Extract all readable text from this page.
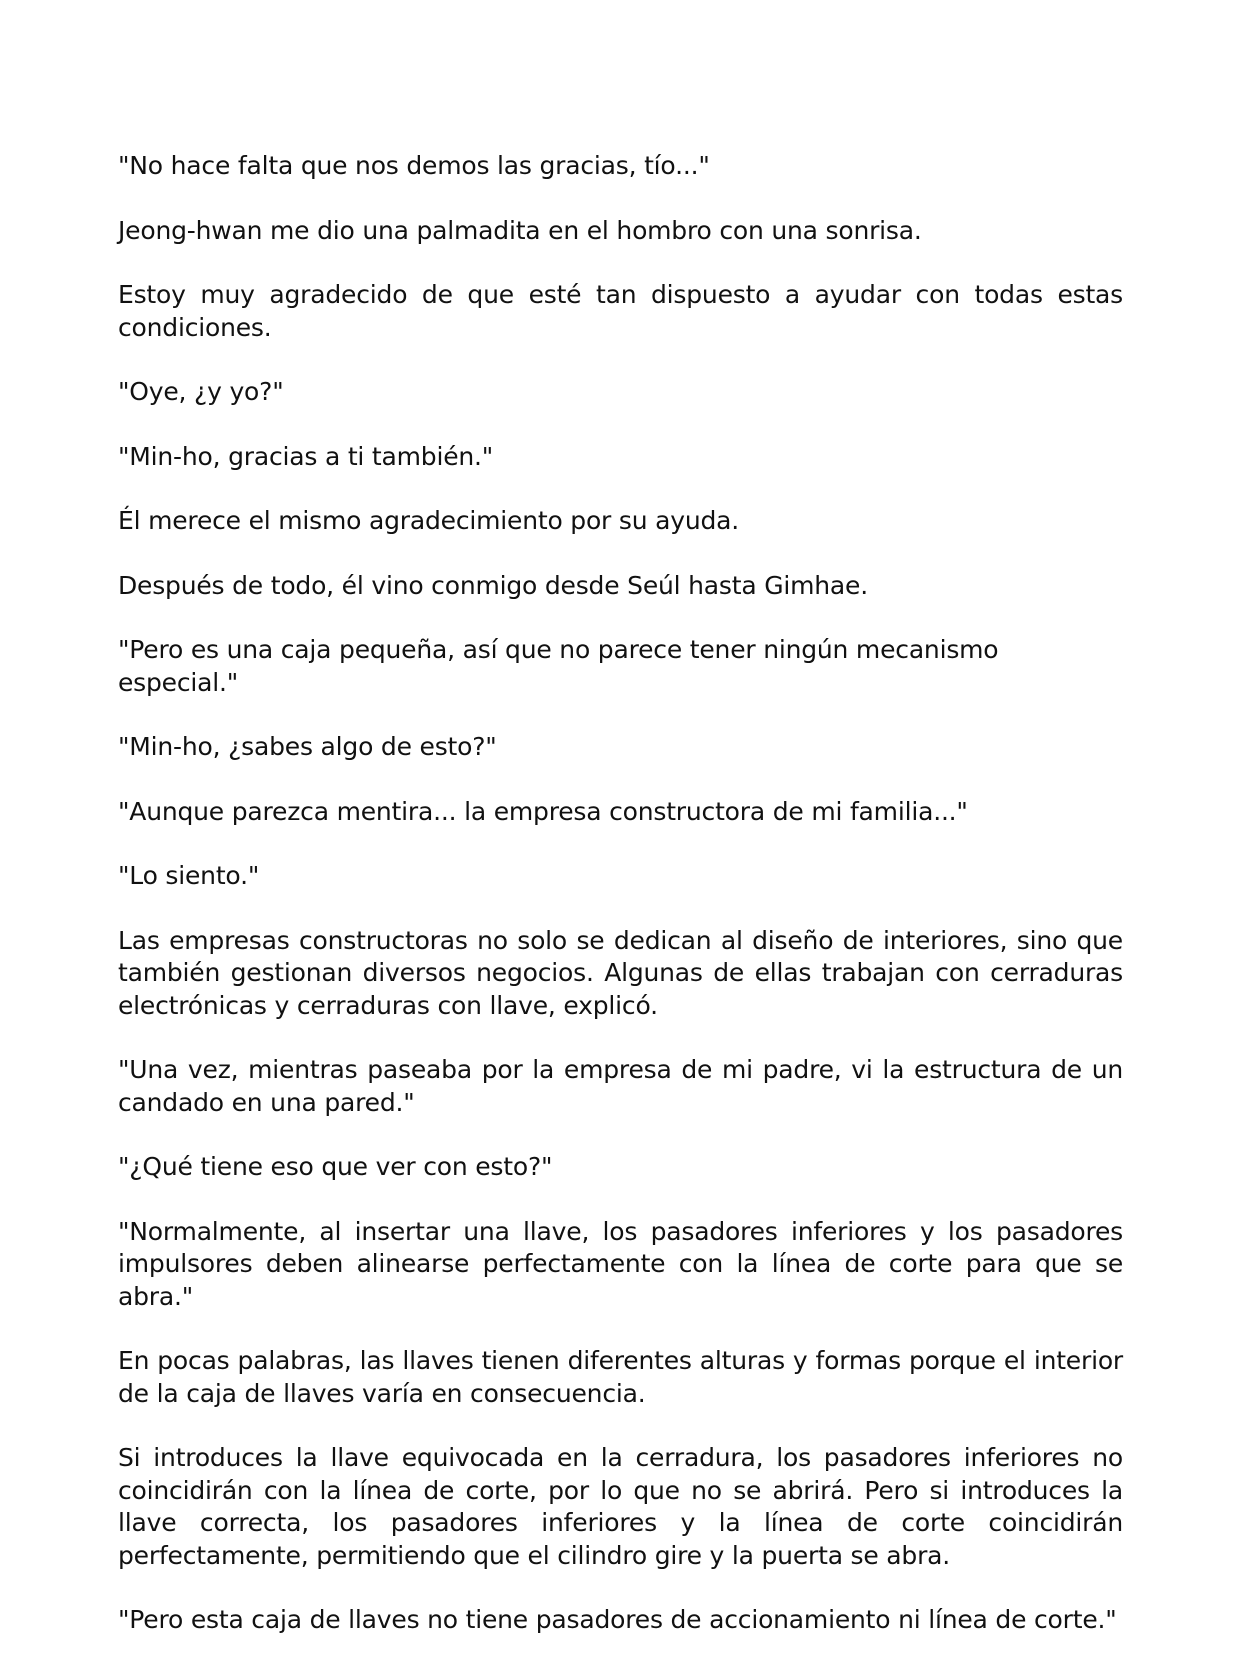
"No hace falta que nos demos las gracias, tío..."

Jeong-hwan me dio una palmadita en el hombro con una sonrisa.

Estoy muy agradecido de que esté tan dispuesto a ayudar con todas estas condiciones.

"Oye, ¿y yo?"

"Min-ho, gracias a ti también."

Él merece el mismo agradecimiento por su ayuda.

Después de todo, él vino conmigo desde Seúl hasta Gimhae.

"Pero es una caja pequeña, así que no parece tener ningún mecanismo especial."

"Min-ho, ¿sabes algo de esto?"

"Aunque parezca mentira... la empresa constructora de mi familia..."

"Lo siento."

Las empresas constructoras no solo se dedican al diseño de interiores, sino que también gestionan diversos negocios. Algunas de ellas trabajan con cerraduras electrónicas y cerraduras con llave, explicó.

"Una vez, mientras paseaba por la empresa de mi padre, vi la estructura de un candado en una pared."

"¿Qué tiene eso que ver con esto?"

"Normalmente, al insertar una llave, los pasadores inferiores y los pasadores impulsores deben alinearse perfectamente con la línea de corte para que se abra."

En pocas palabras, las llaves tienen diferentes alturas y formas porque el interior de la caja de llaves varía en consecuencia.

Si introduces la llave equivocada en la cerradura, los pasadores inferiores no coincidirán con la línea de corte, por lo que no se abrirá. Pero si introduces la llave correcta, los pasadores inferiores y la línea de corte coincidirán perfectamente, permitiendo que el cilindro gire y la puerta se abra.

"Pero esta caja de llaves no tiene pasadores de accionamiento ni línea de corte."
